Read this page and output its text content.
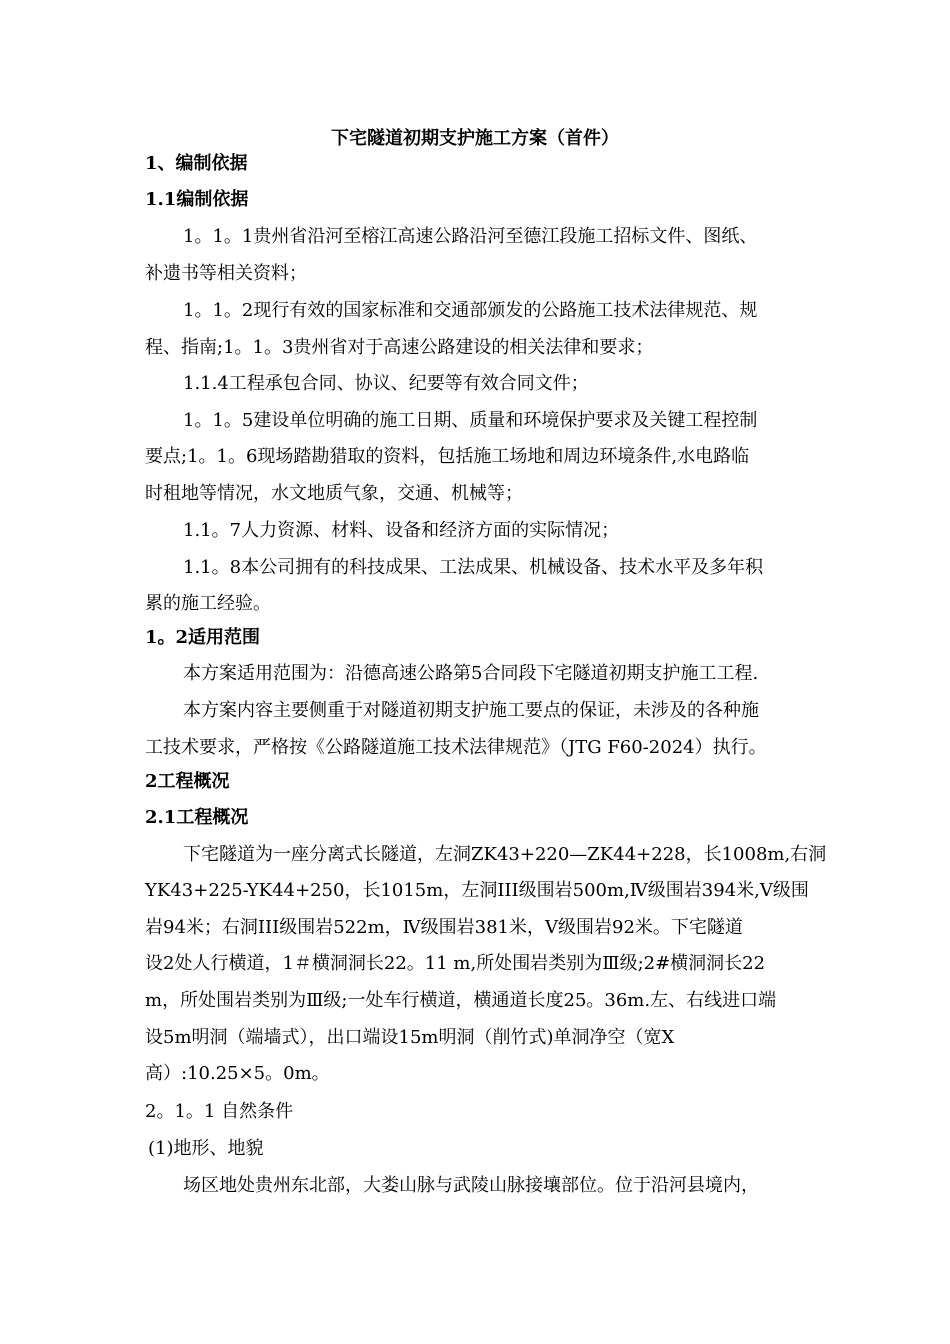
下宅隧道初期支护施工方案（首件）
1、编制依据
1.1编制依据
1。1。1贵州省沿河至榕江高速公路沿河至德江段施工招标文件、图纸、
补遗书等相关资料；
1。1。2现行有效的国家标准和交通部颁发的公路施工技术法律规范、规
程、指南;1。1。3贵州省对于高速公路建设的相关法律和要求；
1.1.4工程承包合同、协议、纪要等有效合同文件；
1。1。5建设单位明确的施工日期、质量和环境保护要求及关键工程控制
要点;1。1。6现场踏勘猎取的资料，包括施工场地和周边环境条件,水电路临
时租地等情况，水文地质气象，交通、机械等；
1.1。7人力资源、材料、设备和经济方面的实际情况；
1.1。8本公司拥有的科技成果、工法成果、机械设备、技术水平及多年积
累的施工经验。
1。2适用范围
本方案适用范围为：沿德高速公路第5合同段下宅隧道初期支护施工工程.
本方案内容主要侧重于对隧道初期支护施工要点的保证，未涉及的各种施
工技术要求，严格按《公路隧道施工技术法律规范》（JTG F60-2024）执行。
2工程概况
2.1工程概况
下宅隧道为一座分离式长隧道，左洞ZK43+220—ZK44+228，长1008m,右洞
YK43+225-YK44+250，长1015m，左洞III级围岩500m,Ⅳ级围岩394米,Ⅴ级围
岩94米；右洞III级围岩522m，Ⅳ级围岩381米，Ⅴ级围岩92米。下宅隧道
设2处人行横道，1＃横洞洞长22。11 m,所处围岩类别为Ⅲ级;2#横洞洞长22
m，所处围岩类别为Ⅲ级;一处车行横道，横通道长度25。36m.左、右线进口端
设5m明洞（端墙式），出口端设15m明洞（削竹式)单洞净空（宽X
高）:10.25×5。0m。
2。1。1 自然条件
(1)地形、地貌
场区地处贵州东北部，大娄山脉与武陵山脉接壤部位。位于沿河县境内，
